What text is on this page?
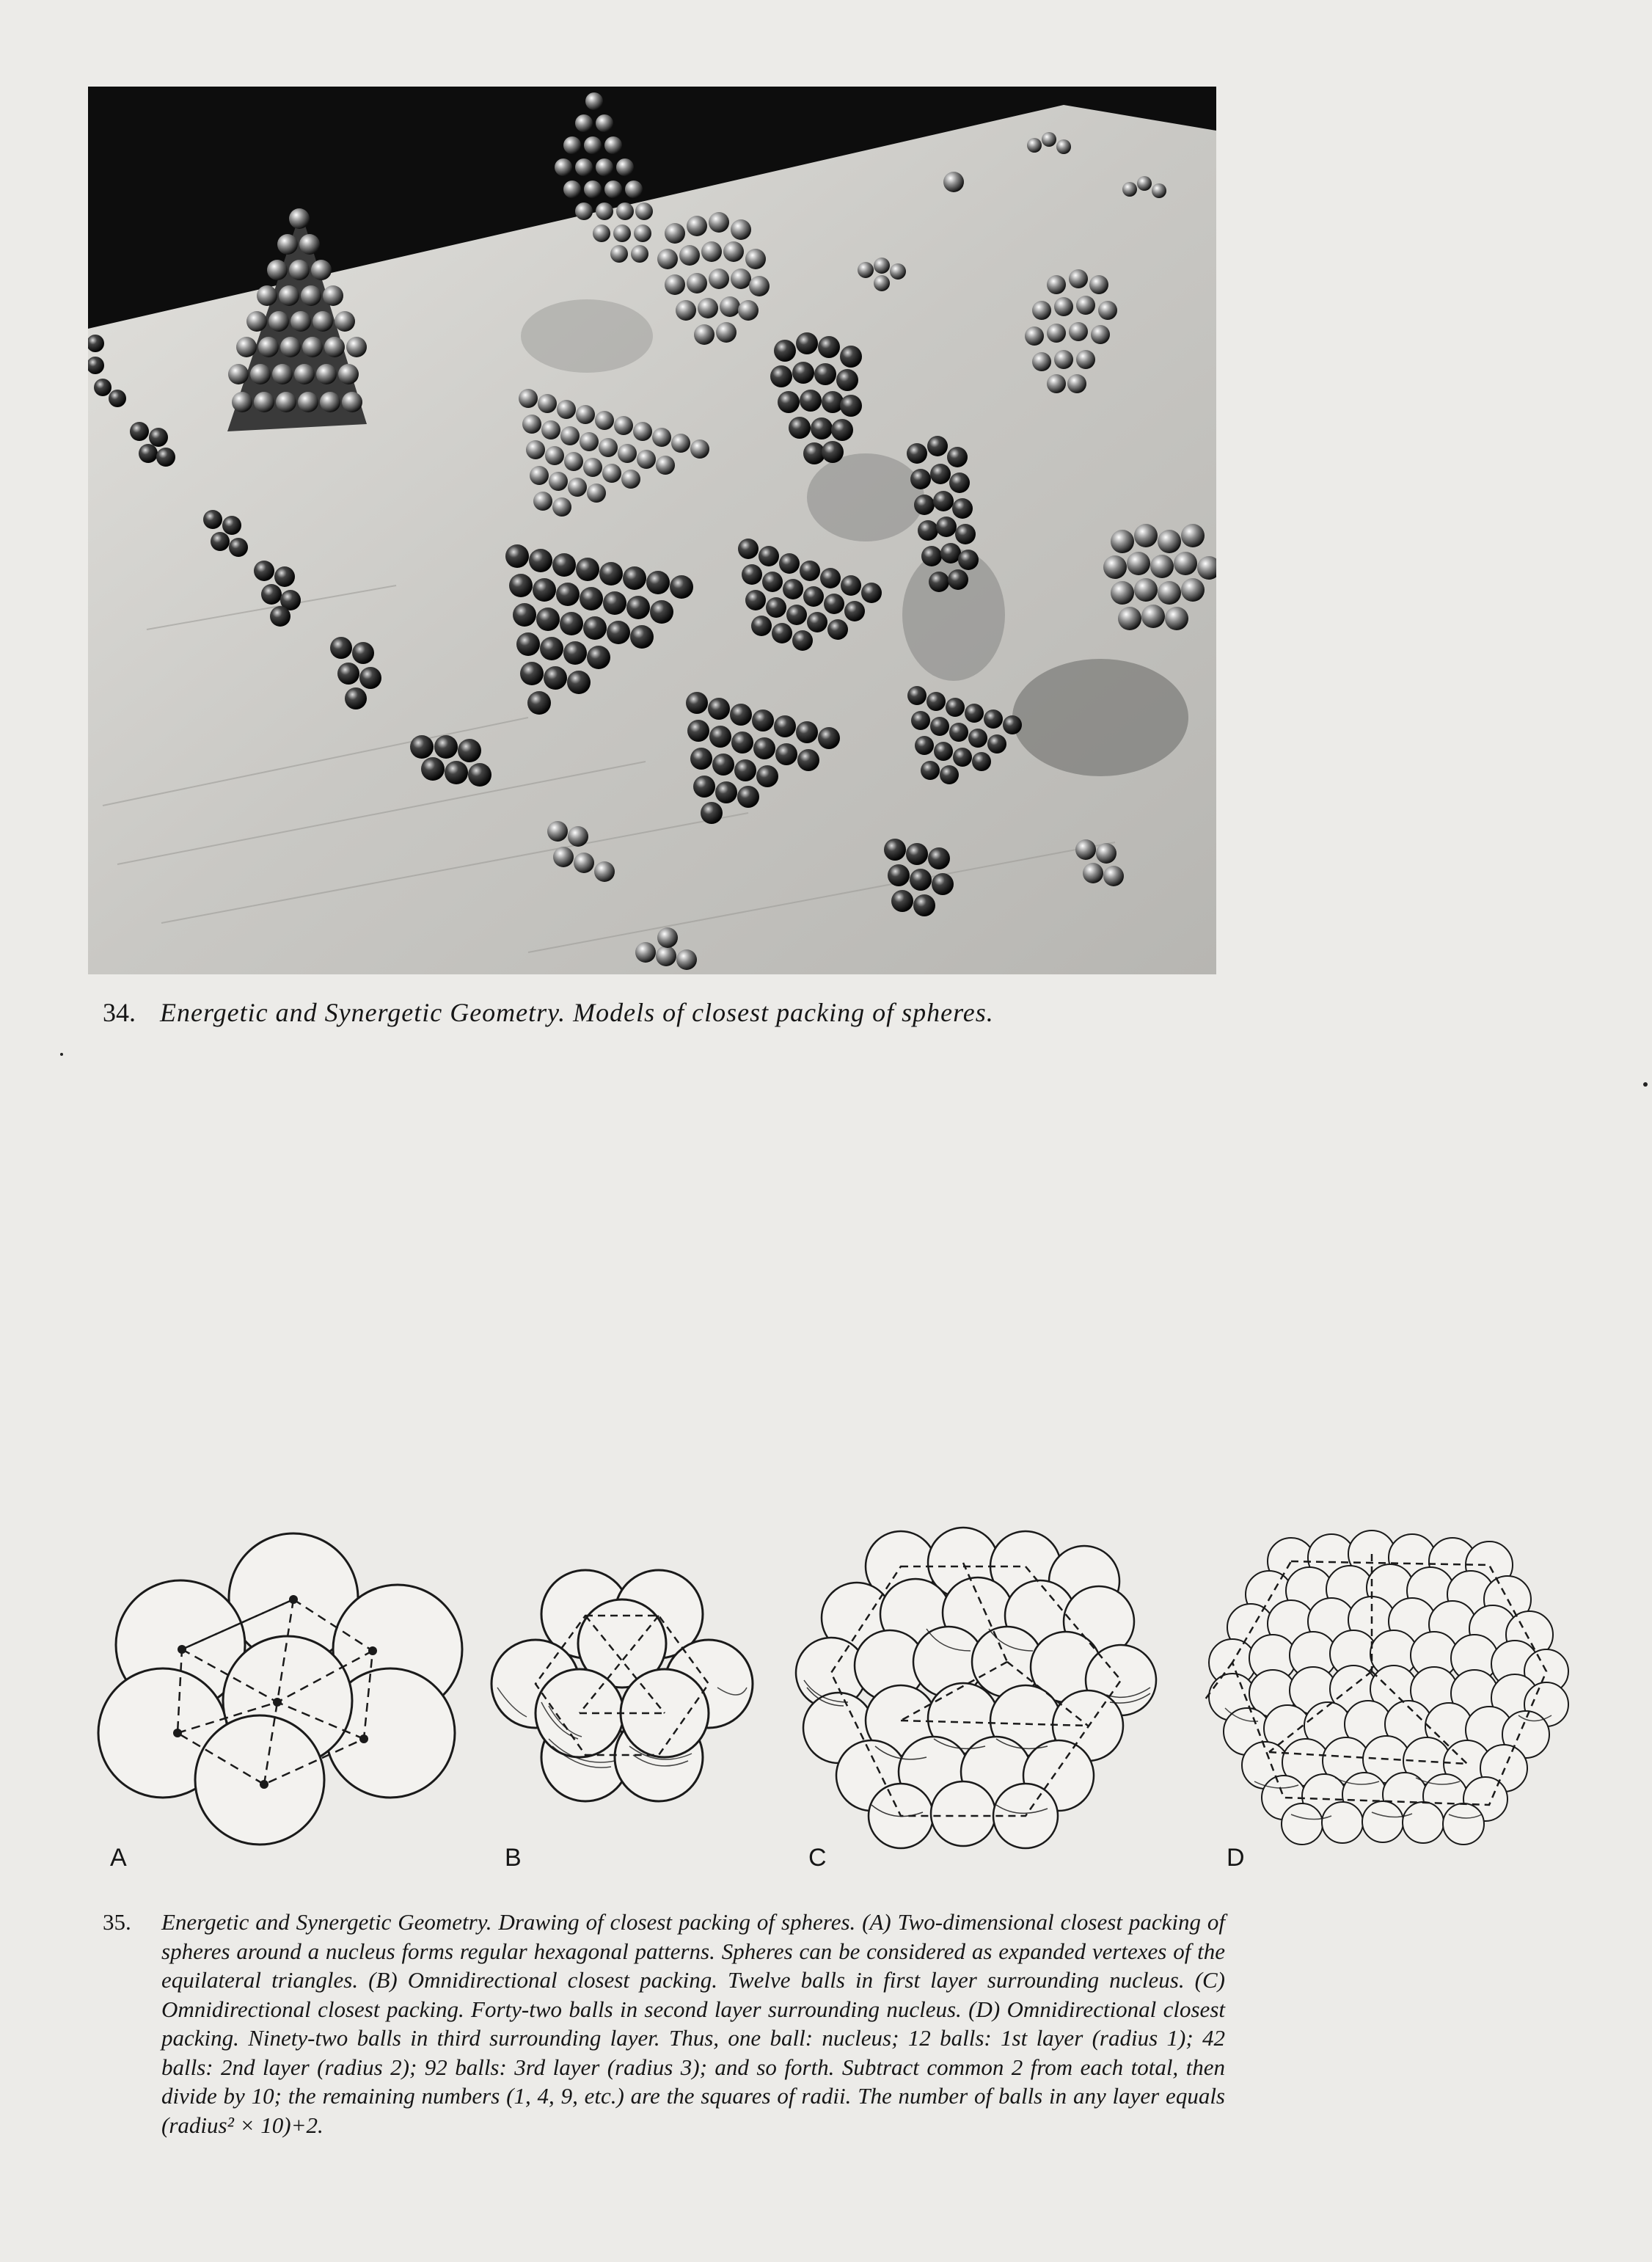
34. Energetic and Synergetic Geometry. Models of closest packing of spheres.
A	B	C	D
35.	Energetic and Synergetic Geometry. Drawing of closest packing of spheres. (A) Two-dimensional closest packing of spheres around a nucleus forms regular hexagonal patterns. Spheres can be considered as expanded vertexes of the equilateral triangles. (B) Omnidirectional closest packing. Twelve balls in first layer surrounding nucleus. (C) Omnidirectional closest packing. Forty-two balls in second layer surrounding nucleus. (D) Omnidirectional closest packing. Ninety-two balls in third surrounding layer. Thus, one ball: nucleus; 12 balls: 1st layer (radius 1); 42 balls: 2nd layer (radius 2); 92 balls: 3rd layer (radius 3); and so forth. Subtract common 2 from each total, then divide by 10; the remaining numbers (1, 4, 9, etc.) are the squares of radii. The number of balls in any layer equals (radius² × 10)+2.
